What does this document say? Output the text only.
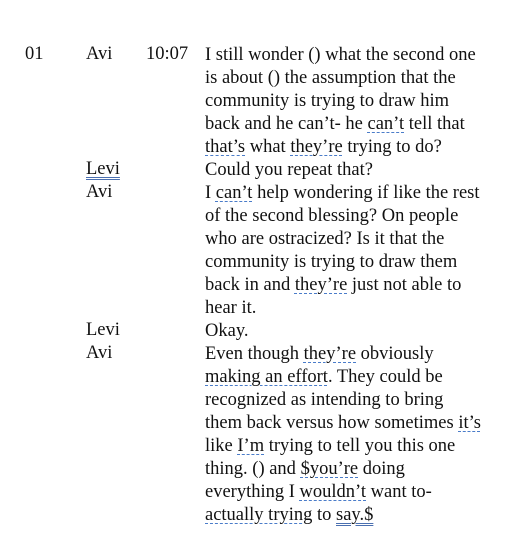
01 Avi 10:07 I still wonder () what the second one
is about () the assumption that the
community is trying to draw him
back and he can’t- he can’t tell that
that’s what they’re trying to do?
Levi	Could you repeat that?
Avi	I can’t help wondering if like the rest
of the second blessing? On people
who are ostracized? Is it that the
community is trying to draw them
back in and they’re just not able to
hear it.
Levi	Okay.
Avi	Even though they’re obviously
making an effort. They could be
recognized as intending to bring
them back versus how sometimes it’s
like I’m trying to tell you this one
thing. () and $you’re doing
everything I wouldn’t want to-
actually trying to say.$
